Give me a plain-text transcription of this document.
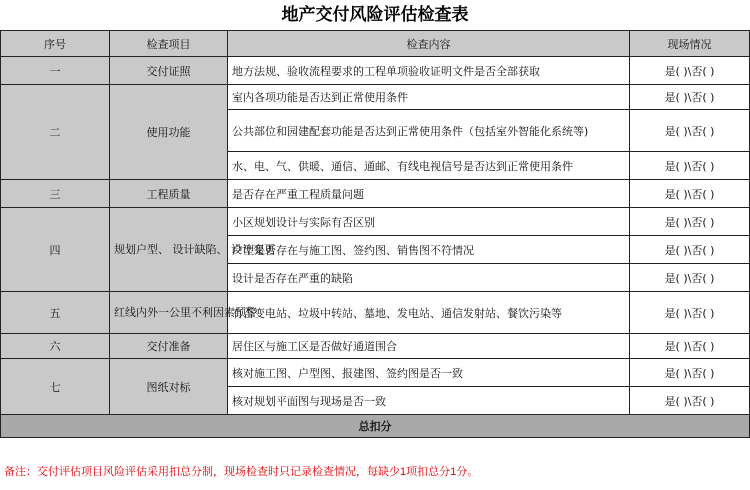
地产交付风险评估检查表
序号	检查项目	检查内容	现场情况
一	交付证照	地方法规、验收流程要求的工程单项验收证明文件是否全部获取	是( )\否( )
二	使用功能	室内各项功能是否达到正常使用条件	是( )\否( )
		公共部位和园建配套功能是否达到正常使用条件（包括室外智能化系统等)	是( )\否( )
		水、电、气、供暖、通信、通邮、有线电视信号是否达到正常使用条件	是( )\否( )
三	工程质量	是否存在严重工程质量问题	是( )\否( )
四	规划户型、 设计缺陷、 设计变更	小区规划设计与实际有否区别	是( )\否( )
		户型是否存在与施工图、签约图、销售图不符情况	是( )\否( )
		设计是否存在严重的缺陷	是( )\否( )
五	红线内外一公里不利因素预警	有否变电站、垃圾中转站、墓地、发电站、通信发射站、餐饮污染等	是( )\否( )
六	交付准备	居住区与施工区是否做好通道围合	是( )\否( )
七	图纸对标	核对施工图、户型图、报建图、签约图是否一致	是( )\否( )
		核对规划平面图与现场是否一致	是( )\否( )
总扣分			
备注：交付评估项目风险评估采用扣总分制，现场检查时只记录检查情况，每缺少1项扣总分1分。
